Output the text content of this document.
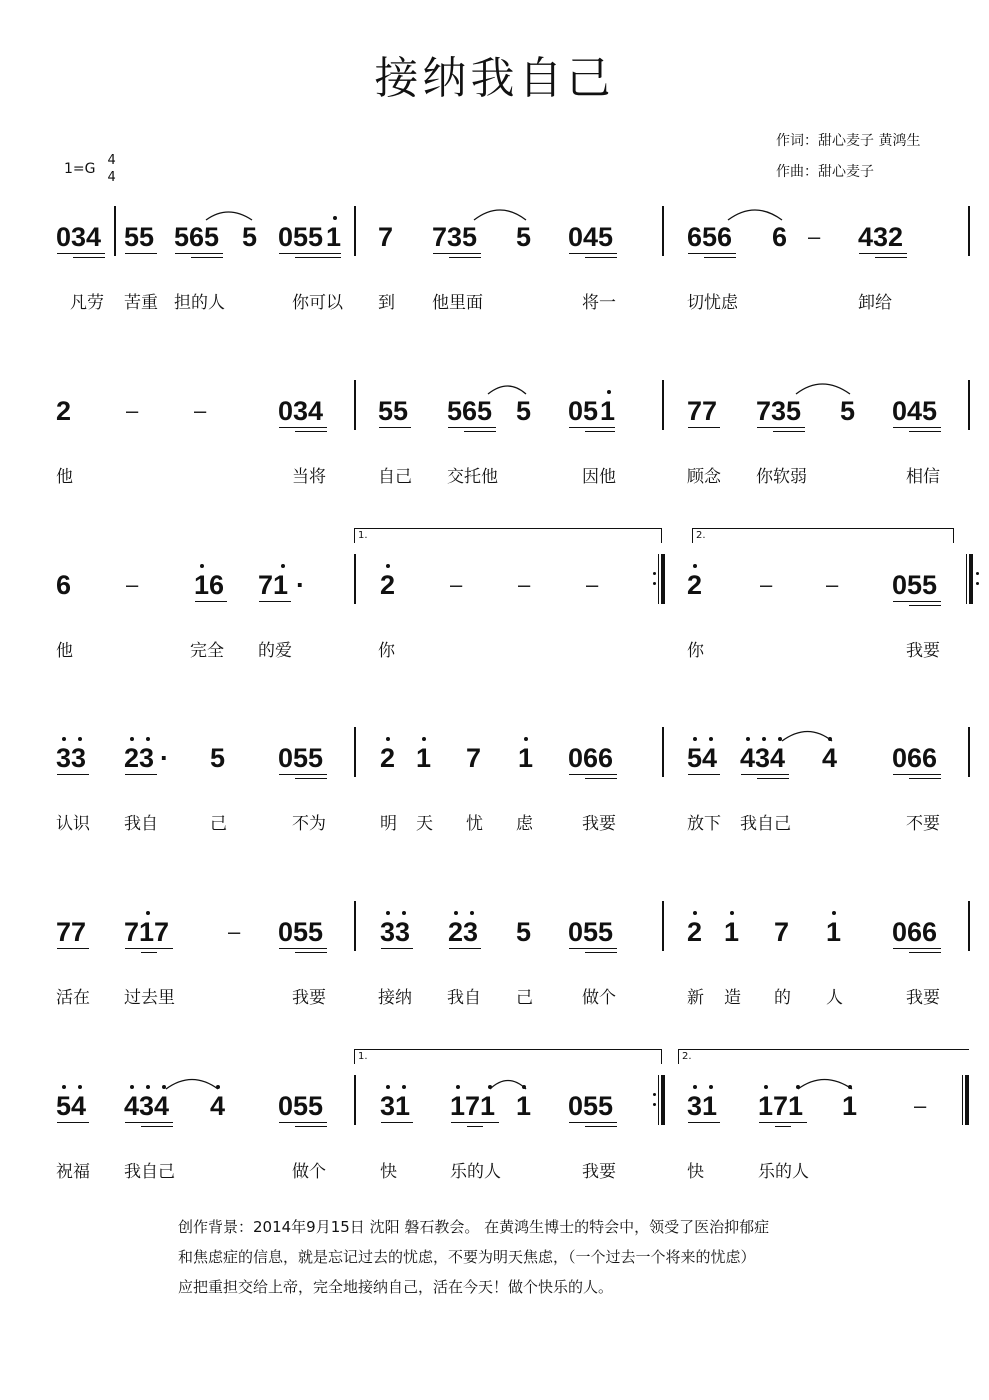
接纳我自己
作词：甜心麦子 黄鸿生
作曲：甜心麦子
1=G
4
4
034 55 565 5 055 1 7 735 5 045	656 6 – 432
凡劳 苦重 担的人	你可以 到 他里面	将一	切忧虑	卸给
2 –	–	034 55 565 5 05 1	77 735 5 045
他	当将	自己 交托他	因他	顾念 你软弱	相信
6 – 16 71 ·
1.
2 –	–	–
2.
2	– – 055
他	完全 的爱	你	你	我要
33 23 · 5 055 2 1 7 1 066	54 434 4 066
认识 我自	己	不为	明 天 忧 虑	我要	放下 我自己	不要
77 717	– 055 33 23 5 055	2 1 7 1 066
活在 过去里	我要	接纳 我自 己	做个	新 造 的 人	我要
54 434 4 055
1.
31 171 1 055
2.
31 171 1	–
祝福 我自己	做个	快	乐的人	我要	快	乐的人
创作背景：2014年9月15日 沈阳 磐石教会。 在黄鸿生博士的特会中，领受了医治抑郁症
和焦虑症的信息，就是忘记过去的忧虑，不要为明天焦虑，（一个过去一个将来的忧虑）
应把重担交给上帝，完全地接纳自己，活在今天！做个快乐的人。
